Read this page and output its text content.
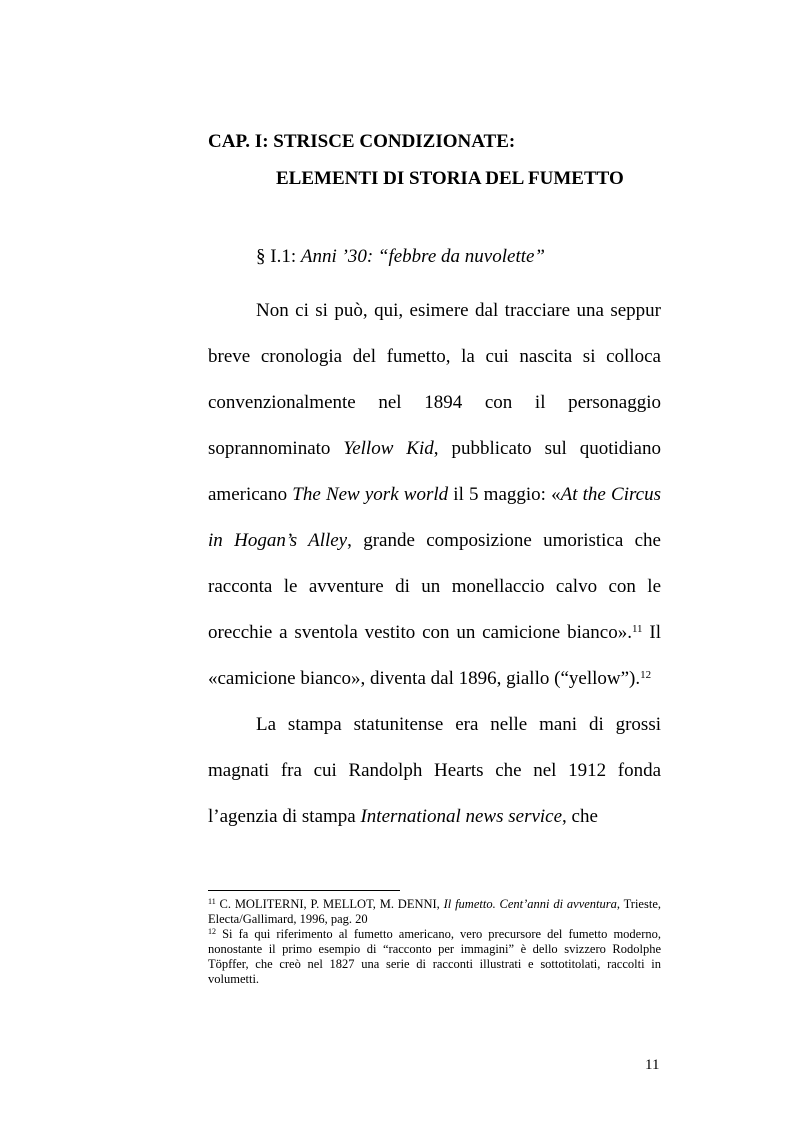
CAP. I: STRISCE CONDIZIONATE:
ELEMENTI DI STORIA DEL FUMETTO
§ I.1: Anni ’30: “febbre da nuvolette”

Non ci si può, qui, esimere dal tracciare una seppur breve cronologia del fumetto, la cui nascita si colloca convenzionalmente nel 1894 con il personaggio soprannominato Yellow Kid, pubblicato sul quotidiano americano The New york world il 5 maggio: «At the Circus in Hogan’s Alley, grande composizione umoristica che racconta le avventure di un monellaccio calvo con le orecchie a sventola vestito con un camicione bianco».$^{11}$ Il «camicione bianco», diventa dal 1896, giallo (“yellow”).$^{12}$

La stampa statunitense era nelle mani di grossi magnati fra cui Randolph Hearts che nel 1912 fonda l’agenzia di stampa International news service, che

$^{11}$ C. MOLITERNI, P. MELLOT, M. DENNI, Il fumetto. Cent’anni di avventura, Trieste, Electa/Gallimard, 1996, pag. 20

$^{12}$ Si fa qui riferimento al fumetto americano, vero precursore del fumetto moderno, nonostante il primo esempio di “racconto per immagini” è dello svizzero Rodolphe Töpffer, che creò nel 1827 una serie di racconti illustrati e sottotitolati, raccolti in volumetti.

11
